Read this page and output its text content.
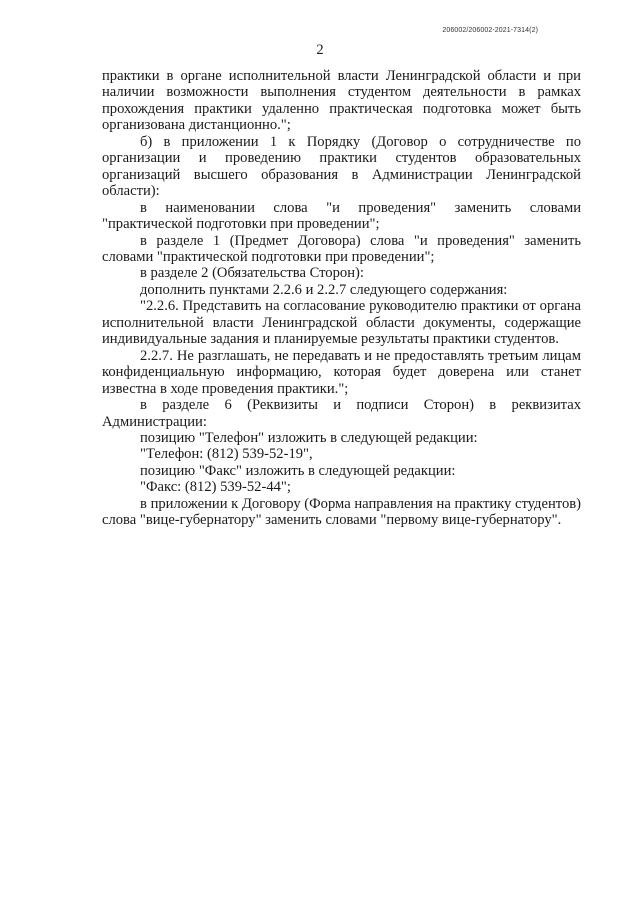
206002/206002-2021-7314(2)
2

практики в органе исполнительной власти Ленинградской области и при наличии возможности выполнения студентом деятельности в рамках прохождения практики удаленно практическая подготовка может быть организована дистанционно.";

б) в приложении 1 к Порядку (Договор о сотрудничестве по организации и проведению практики студентов образовательных организаций высшего образования в Администрации Ленинградской области):

в наименовании слова "и проведения" заменить словами "практической подготовки при проведении";

в разделе 1 (Предмет Договора) слова "и проведения" заменить словами "практической подготовки при проведении";

в разделе 2 (Обязательства Сторон):

дополнить пунктами 2.2.6 и 2.2.7 следующего содержания:

"2.2.6. Представить на согласование руководителю практики от органа исполнительной власти Ленинградской области документы, содержащие индивидуальные задания и планируемые результаты практики студентов.

2.2.7. Не разглашать, не передавать и не предоставлять третьим лицам конфиденциальную информацию, которая будет доверена или станет известна в ходе проведения практики.";

в разделе 6 (Реквизиты и подписи Сторон) в реквизитах Администрации:

позицию "Телефон" изложить в следующей редакции:

"Телефон: (812) 539-52-19",

позицию "Факс" изложить в следующей редакции:

"Факс: (812) 539-52-44";

в приложении к Договору (Форма направления на практику студентов) слова "вице-губернатору" заменить словами "первому вице-губернатору".
